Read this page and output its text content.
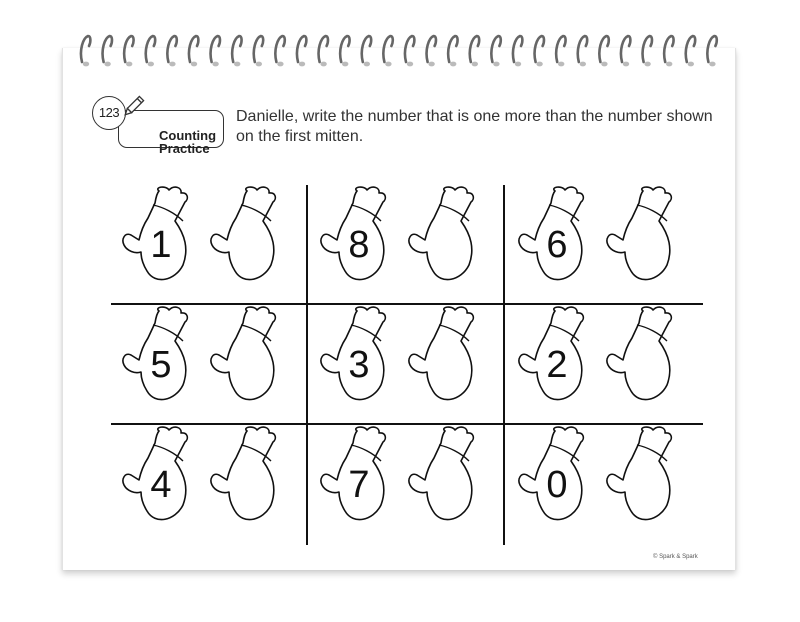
Counting Practice
123	Danielle, write the number that is one more than the number shown on the first mitten.
1	8	6
5	3	2
4	7	0
© Spark & Spark
